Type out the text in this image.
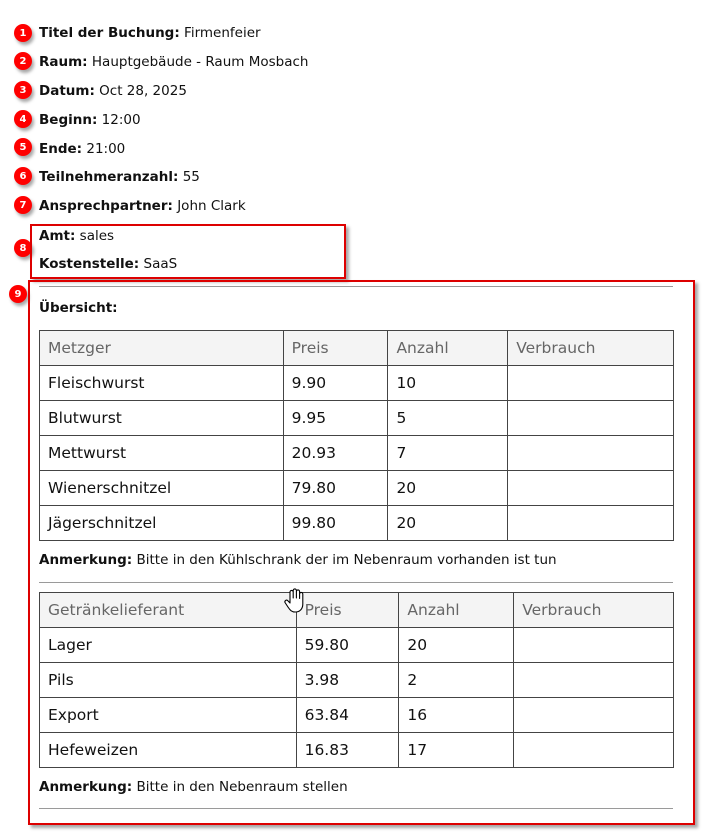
1
2
3
4
5
6
7
8
9
Titel der Buchung: Firmenfeier
Raum: Hauptgebäude - Raum Mosbach
Datum: Oct 28, 2025
Beginn: 12:00
Ende: 21:00
Teilnehmeranzahl: 55
Ansprechpartner: John Clark
Amt: sales
Kostenstelle: SaaS
Übersicht:
Metzger	Preis	Anzahl	Verbrauch
Fleischwurst	9.90	10	
Blutwurst	9.95	5	
Mettwurst	20.93	7	
Wienerschnitzel	79.80	20	
Jägerschnitzel	99.80	20	
Anmerkung: Bitte in den Kühlschrank der im Nebenraum vorhanden ist tun
Getränkelieferant	Preis	Anzahl	Verbrauch
Lager	59.80	20	
Pils	3.98	2	
Export	63.84	16	
Hefeweizen	16.83	17	
Anmerkung: Bitte in den Nebenraum stellen
